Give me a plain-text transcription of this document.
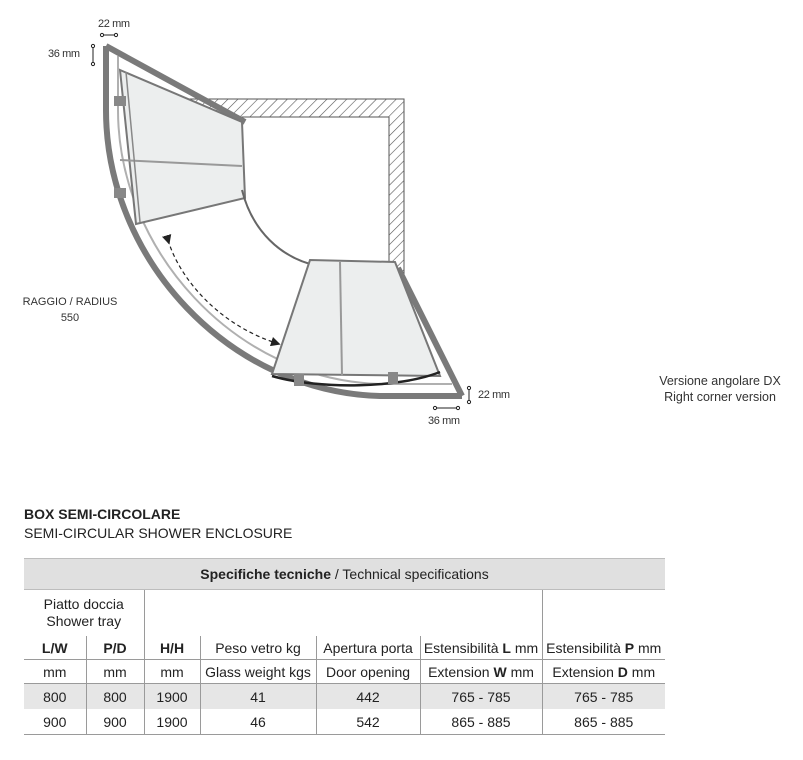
22 mm
36 mm
22 mm
36 mm
RAGGIO / RADIUS
550
Versione angolare DX
Right corner version
BOX SEMI-CIRCOLARE
SEMI-CIRCULAR SHOWER ENCLOSURE
Specifiche tecniche / Technical specifications						

Piatto doccia
Shower tray						

L/W	P/D	H/H	Peso vetro kg	Apertura porta	Estensibilità L mm	Estensibilità P mm
mm	mm	mm	Glass weight kgs	Door opening	Extension W mm	Extension D mm
800	800	1900	41	442	765 - 785	765 - 785
900	900	1900	46	542	865 - 885	865 - 885
